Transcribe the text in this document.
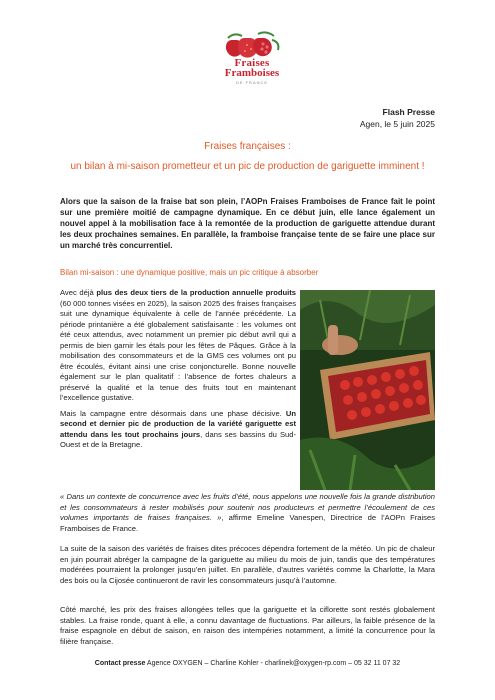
Fraises
Framboises
DE FRANCE
Flash Presse
Agen, le 5 juin 2025
Fraises françaises :
un bilan à mi-saison prometteur et un pic de production de gariguette imminent !
Alors que la saison de la fraise bat son plein, l’AOPn Fraises Framboises de France fait le point sur une première moitié de campagne dynamique. En ce début juin, elle lance également un nouvel appel à la mobilisation face à la remontée de la production de gariguette attendue durant les deux prochaines semaines. En parallèle, la framboise française tente de se faire une place sur un marché très concurrentiel.
Bilan mi-saison : une dynamique positive, mais un pic critique à absorber

Avec déjà plus des deux tiers de la production annuelle produits (60 000 tonnes visées en 2025), la saison 2025 des fraises françaises suit une dynamique équivalente à celle de l’année précédente. La période printanière a été globalement satisfaisante : les volumes ont été ceux attendus, avec notamment un premier pic début avril qui a permis de bien garnir les étals pour les fêtes de Pâques. Grâce à la mobilisation des consommateurs et de la GMS ces volumes ont pu être écoulés, évitant ainsi une crise conjoncturelle. Bonne nouvelle également sur le plan qualitatif : l’absence de fortes chaleurs a préservé la qualité et la tenue des fruits tout en maintenant l’excellence gustative.

Mais la campagne entre désormais dans une phase décisive. Un second et dernier pic de production de la variété gariguette est attendu dans les tout prochains jours, dans ses bassins du Sud-Ouest et de la Bretagne.

« Dans un contexte de concurrence avec les fruits d’été, nous appelons une nouvelle fois la grande distribution et les consommateurs à rester mobilisés pour soutenir nos producteurs et permettre l’écoulement de ces volumes importants de fraises françaises. », affirme Emeline Vanespen, Directrice de l’AOPn Fraises Framboises de France.
La suite de la saison des variétés de fraises dites précoces dépendra fortement de la météo. Un pic de chaleur en juin pourrait abréger la campagne de la gariguette au milieu du mois de juin, tandis que des températures modérées pourraient la prolonger jusqu’en juillet. En parallèle, d’autres variétés comme la Charlotte, la Mara des bois ou la Cijosée continueront de ravir les consommateurs jusqu’à l’automne.
Côté marché, les prix des fraises allongées telles que la gariguette et la ciflorette sont restés globalement stables. La fraise ronde, quant à elle, a connu davantage de fluctuations. Par ailleurs, la faible présence de la fraise espagnole en début de saison, en raison des intempéries notamment, a limité la concurrence pour la filière française.
Contact presse Agence OXYGEN – Charline Kohler - charlinek@oxygen-rp.com – 05 32 11 07 32
